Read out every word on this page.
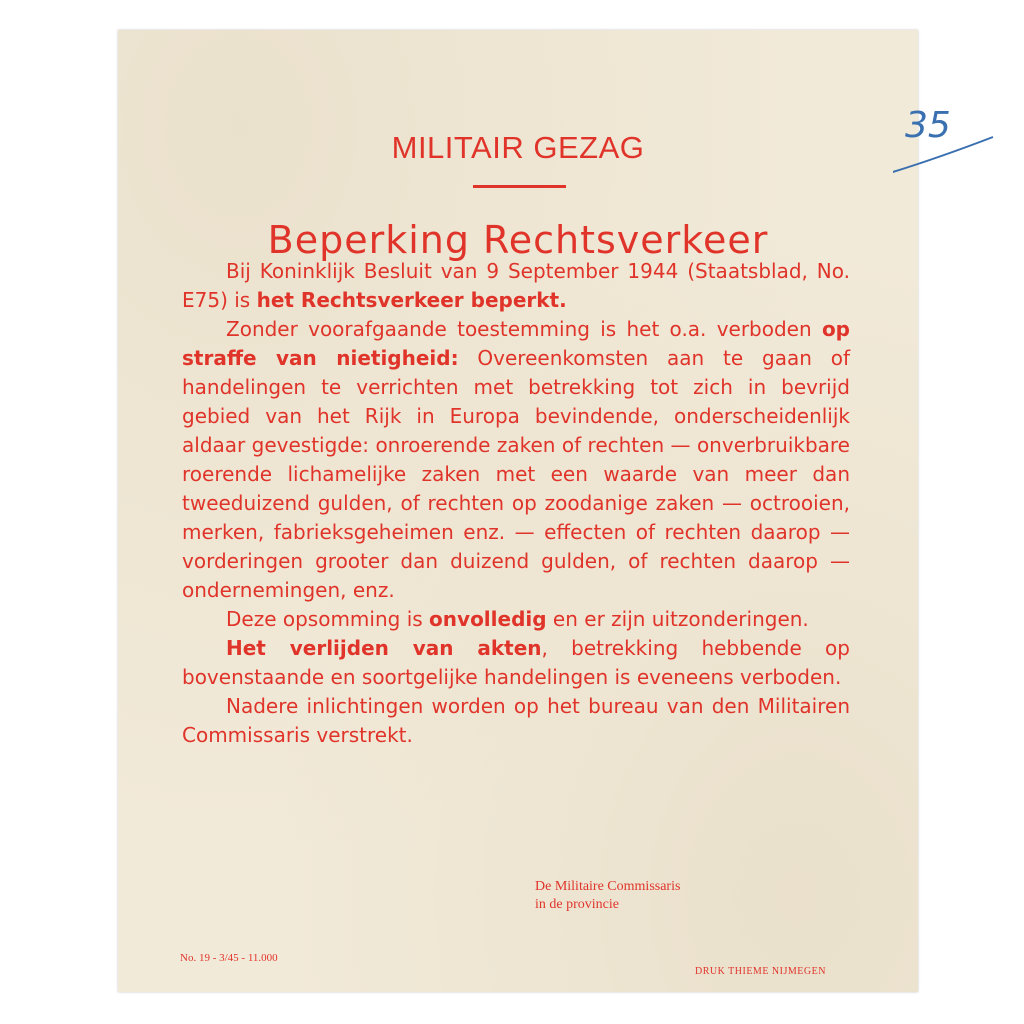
MILITAIR GEZAG
35
Beperking Rechtsverkeer

Bij Koninklijk Besluit van 9 September 1944 (Staatsblad, No. E75) is het Rechtsverkeer beperkt.

Zonder voorafgaande toestemming is het o.a. verboden op straffe van nietigheid: Overeenkomsten aan te gaan of handelingen te verrichten met betrekking tot zich in bevrijd gebied van het Rijk in Europa bevindende, onderscheidenlijk aldaar gevestigde: onroerende zaken of rechten — onverbruikbare roerende lichamelijke zaken met een waarde van meer dan tweeduizend gulden, of rechten op zoodanige zaken — octrooien, merken, fabrieksgeheimen enz. — effecten of rechten daarop — vorderingen grooter dan duizend gulden, of rechten daarop — ondernemingen, enz.

Deze opsomming is onvolledig en er zijn uitzonderingen.

Het verlijden van akten, betrekking hebbende op bovenstaande en soortgelijke handelingen is eveneens verboden.

Nadere inlichtingen worden op het bureau van den Militairen Commissaris verstrekt.

De Militaire Commissaris
in de provincie
No. 19 - 3/45 - 11.000
DRUK THIEME NIJMEGEN
